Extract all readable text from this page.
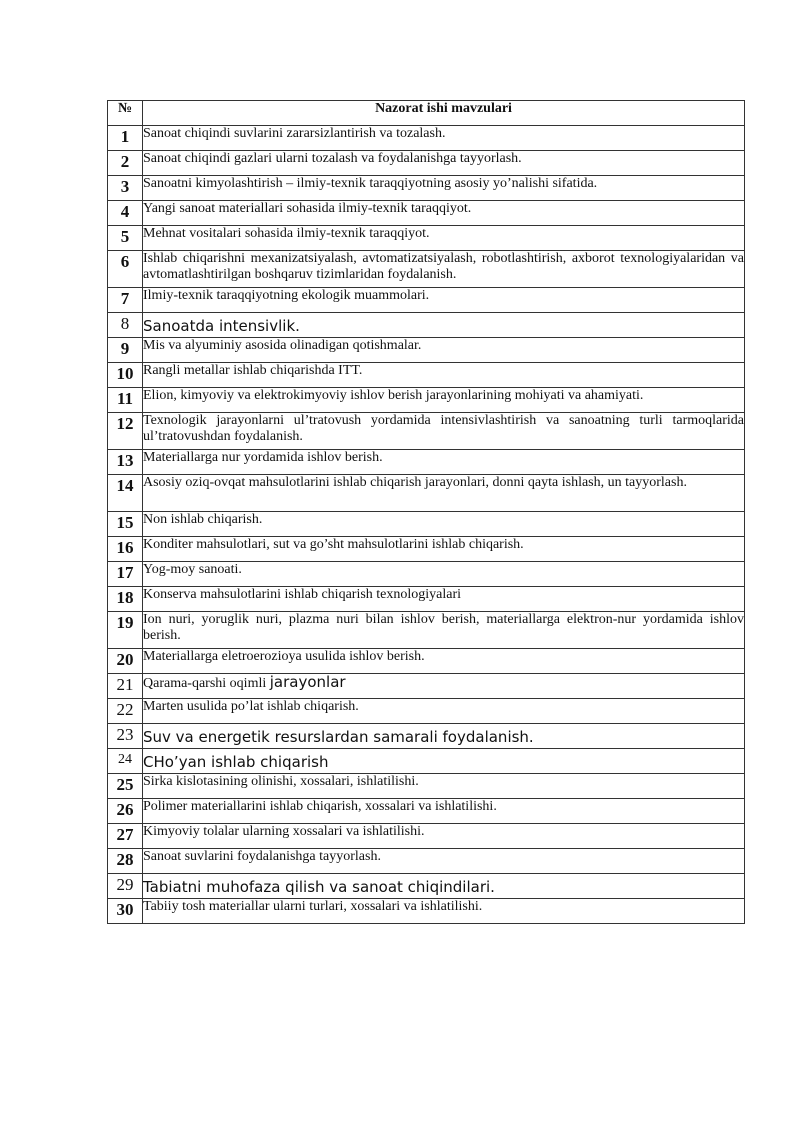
№	Nazorat ishi mavzulari
1	Sanoat chiqindi suvlarini zararsizlantirish va tozalash.
2	Sanoat chiqindi gazlari ularni tozalash va foydalanishga tayyorlash.
3	Sanoatni kimyolashtirish – ilmiy-texnik taraqqiyotning asosiy yo’nalishi sifatida.
4	Yangi sanoat materiallari sohasida ilmiy-texnik taraqqiyot.
5	Mehnat vositalari sohasida ilmiy-texnik taraqqiyot.
6	Ishlab chiqarishni mexanizatsiyalash, avtomatizatsiyalash, robotlashtirish, axborot texnologiyalaridan va avtomatlashtirilgan boshqaruv tizimlaridan foydalanish.
7	Ilmiy-texnik taraqqiyotning ekologik muammolari.
8	Sanoatda intensivlik.
9	Mis va alyuminiy asosida olinadigan qotishmalar.
10	Rangli metallar ishlab chiqarishda ITT.
11	Elion, kimyoviy va elektrokimyoviy ishlov berish jarayonlarining mohiyati va ahamiyati.
12	Texnologik jarayonlarni ul’tratovush yordamida intensivlashtirish va sanoatning turli tarmoqlarida ul’tratovushdan foydalanish.
13	Materiallarga nur yordamida ishlov berish.
14	Asosiy oziq-ovqat mahsulotlarini ishlab chiqarish jarayonlari, donni qayta ishlash, un tayyorlash.
15	Non ishlab chiqarish.
16	Konditer mahsulotlari, sut va go’sht mahsulotlarini ishlab chiqarish.
17	Yog-moy sanoati.
18	Konserva mahsulotlarini ishlab chiqarish texnologiyalari
19	Ion nuri, yoruglik nuri, plazma nuri bilan ishlov berish, materiallarga elektron-nur yordamida ishlov berish.
20	Materiallarga eletroerozioya usulida ishlov berish.
21	Qarama-qarshi oqimli jarayonlar
22	Marten usulida po’lat ishlab chiqarish.
23	Suv va energetik resurslardan samarali foydalanish.
24	CHo’yan ishlab chiqarish
25	Sirka kislotasining olinishi, xossalari, ishlatilishi.
26	Polimer materiallarini ishlab chiqarish, xossalari va ishlatilishi.
27	Kimyoviy tolalar ularning xossalari va ishlatilishi.
28	Sanoat suvlarini foydalanishga tayyorlash.
29	Tabiatni muhofaza qilish va sanoat chiqindilari.
30	Tabiiy tosh materiallar ularni turlari, xossalari va ishlatilishi.
